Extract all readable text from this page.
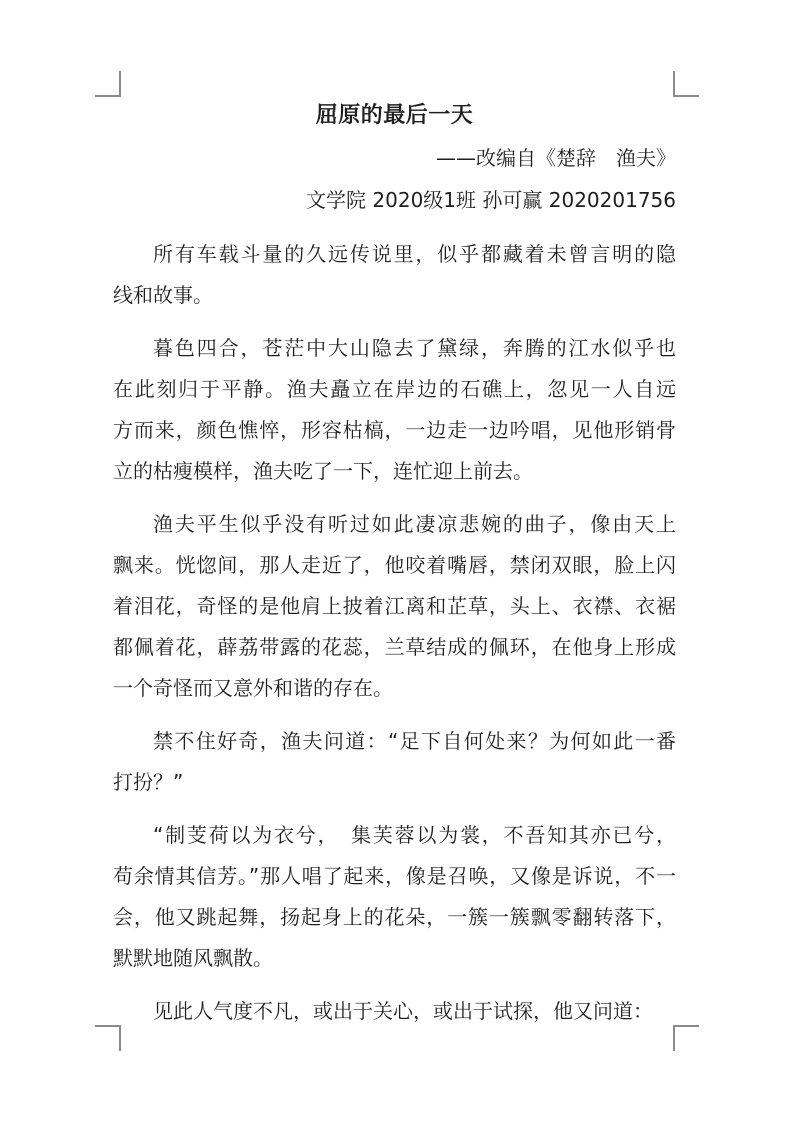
屈原的最后一天
——改编自《楚辞　渔夫》
文学院 2020级1班 孙可赢 2020201756
所有车载斗量的久远传说里，似乎都藏着未曾言明的隐
线和故事。
暮色四合，苍茫中大山隐去了黛绿，奔腾的江水似乎也
在此刻归于平静。渔夫矗立在岸边的石礁上，忽见一人自远
方而来，颜色憔悴，形容枯槁，一边走一边吟唱，见他形销骨
立的枯瘦模样，渔夫吃了一下，连忙迎上前去。
渔夫平生似乎没有听过如此凄凉悲婉的曲子，像由天上
飘来。恍惚间，那人走近了，他咬着嘴唇，禁闭双眼，脸上闪
着泪花，奇怪的是他肩上披着江离和芷草，头上、衣襟、衣裾
都佩着花，薜荔带露的花蕊，兰草结成的佩环，在他身上形成
一个奇怪而又意外和谐的存在。
禁不住好奇，渔夫问道：“足下自何处来？为何如此一番
打扮？”
“制芰荷以为衣兮，　集芙蓉以为裳，不吾知其亦已兮，
苟余情其信芳。”那人唱了起来，像是召唤，又像是诉说，不一
会，他又跳起舞，扬起身上的花朵，一簇一簇飘零翻转落下，
默默地随风飘散。
见此人气度不凡，或出于关心，或出于试探，他又问道：
